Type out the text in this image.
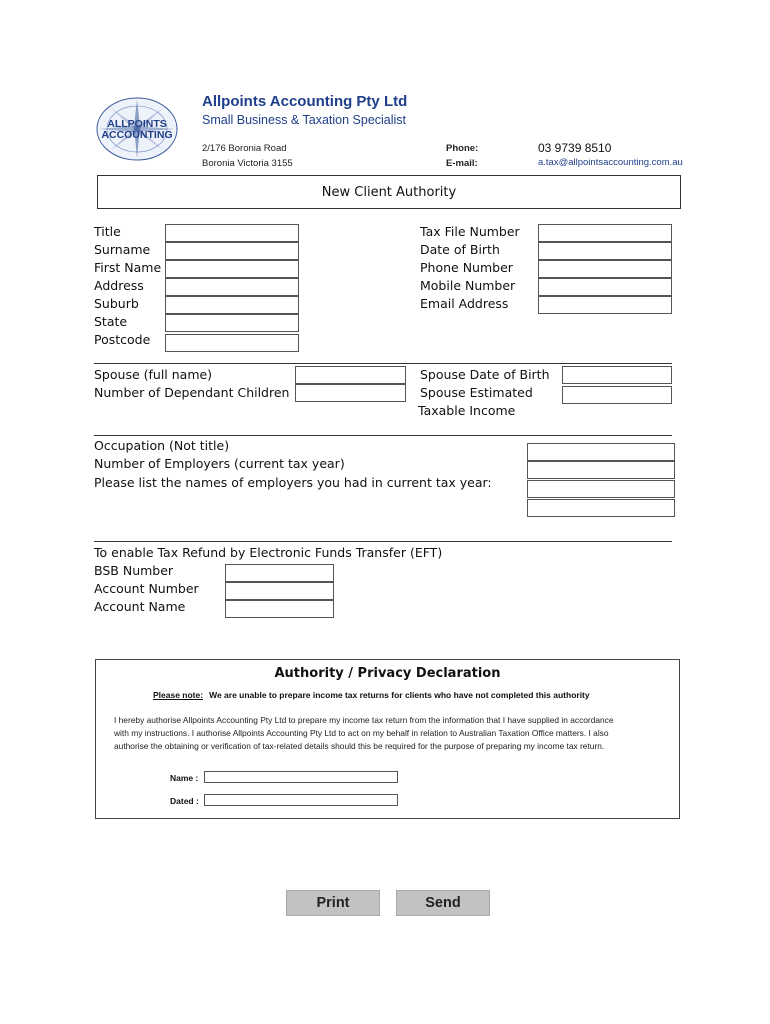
ALLPOINTS
ACCOUNTING
Allpoints Accounting Pty Ltd
Small Business & Taxation Specialist
2/176 Boronia Road
Boronia Victoria 3155
Phone:
E-mail:
03 9739 8510
a.tax@allpointsaccounting.com.au
New Client Authority
Title
Surname
First Name
Address
Suburb
State
Postcode
Tax File Number
Date of Birth
Phone Number
Mobile Number
Email Address
Spouse (full name)
Number of Dependant Children
Spouse Date of Birth
Spouse Estimated
Taxable Income
Occupation (Not title)
Number of Employers (current tax year)
Please list the names of employers you had in current tax year:
To enable Tax Refund by Electronic Funds Transfer (EFT)
BSB Number
Account Number
Account Name
Authority / Privacy Declaration
Please note: We are unable to prepare income tax returns for clients who have not completed this authority
I hereby authorise Allpoints Accounting Pty Ltd to prepare my income tax return from the information that I have supplied in accordance with my instructions. I authorise Allpoints Accounting Pty Ltd to act on my behalf in relation to Australian Taxation Office matters. I also authorise the obtaining or verification of tax-related details should this be required for the purpose of preparing my income tax return.
Name :
Dated :
Print	Send
